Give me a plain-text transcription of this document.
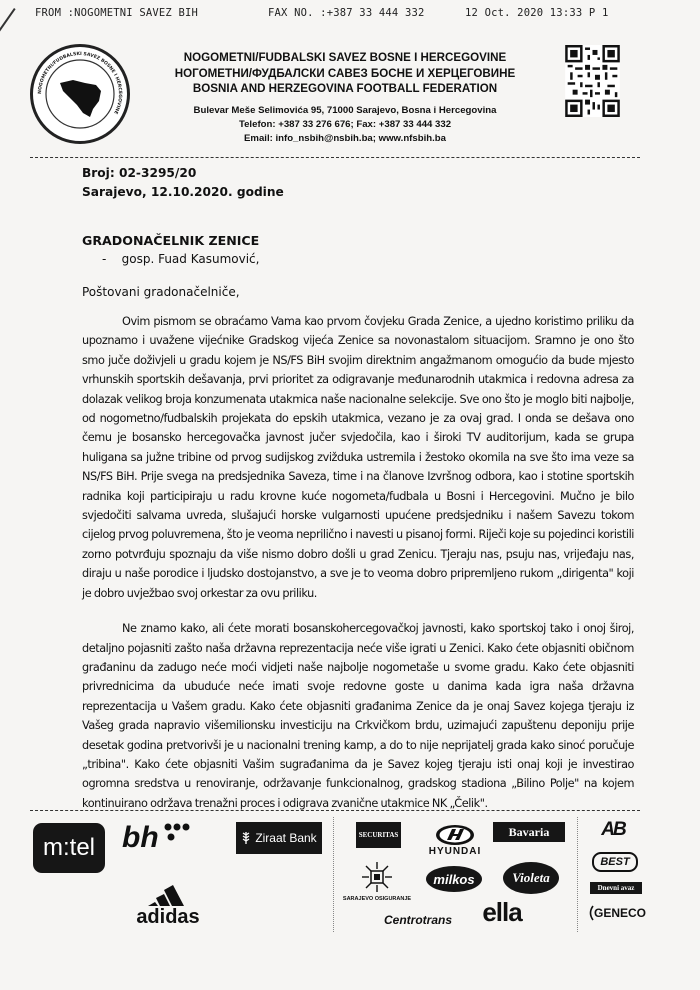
FROM :NOGOMETNI SAVEZ BIH	FAX NO. :+387 33 444 332	12 Oct. 2020 13:33 P 1
NOGOMETNI/FUDBALSKI SAVEZ BOSNE I HERCEGOVINE
NOGOMETNI/FUDBALSKI SAVEZ BOSNE I HERCEGOVINE
НОГОМЕТНИ/ФУДБАЛСКИ САВЕЗ БОСНЕ И ХЕРЦЕГОВИНЕ
BOSNIA AND HERZEGOVINA FOOTBALL FEDERATION
Bulevar Meše Selimovića 95, 71000 Sarajevo, Bosna i Hercegovina
Telefon: +387 33 276 676; Fax: +387 33 444 332
Email: info_nsbih@nsbih.ba; www.nfsbih.ba
Broj: 02-3295/20
Sarajevo, 12.10.2020. godine
GRADONAČELNIK ZENICE
- gosp. Fuad Kasumović,
Poštovani gradonačelniče,

Ovim pismom se obraćamo Vama kao prvom čovjeku Grada Zenice, a ujedno koristimo priliku da upoznamo i uvažene vijećnike Gradskog vijeća Zenice sa novonastalom situacijom. Sramno je ono što smo juče doživjeli u gradu kojem je NS/FS BiH svojim direktnim angažmanom omogućio da bude mjesto vrhunskih sportskih dešavanja, prvi prioritet za odigravanje međunarodnih utakmica i redovna adresa za dolazak velikog broja konzumenata utakmica naše nacionalne selekcije. Sve ono što je moglo biti najbolje, od nogometno/fudbalskih projekata do epskih utakmica, vezano je za ovaj grad. I onda se dešava ono čemu je bosansko hercegovačka javnost jučer svjedočila, kao i široki TV auditorijum, kada se grupa huligana sa južne tribine od prvog sudijskog zvižduka ustremila i žestoko okomila na sve što ima veze sa NS/FS BiH. Prije svega na predsjednika Saveza, time i na članove Izvršnog odbora, kao i stotine sportskih radnika koji participiraju u radu krovne kuće nogometa/fudbala u Bosni i Hercegovini. Mučno je bilo svjedočiti salvama uvreda, slušajući horske vulgarnosti upućene predsjedniku i našem Savezu tokom cijelog prvog poluvremena, što je veoma neprilično i navesti u pisanoj formi. Riječi koje su pojedinci koristili zorno potvrđuju spoznaju da više nismo dobro došli u grad Zenicu. Tjeraju nas, psuju nas, vrijeđaju nas, diraju u naše porodice i ljudsko dostojanstvo, a sve je to veoma dobro pripremljeno rukom „dirigenta" koji je dobro uvježbao svoj orkestar za ovu priliku.

Ne znamo kako, ali ćete morati bosanskohercegovačkoj javnosti, kako sportskoj tako i onoj široj, detaljno pojasniti zašto naša državna reprezentacija neće više igrati u Zenici. Kako ćete objasniti običnom građaninu da zadugo neće moći vidjeti naše najbolje nogometaše u svome gradu. Kako ćete objasniti privrednicima da ubuduće neće imati svoje redovne goste u danima kada igra naša državna reprezentacija u Vašem gradu. Kako ćete objasniti građanima Zenice da je onaj Savez kojega tjeraju iz Vašeg grada napravio višemilionsku investiciju na Crkvičkom brdu, uzimajući zapuštenu deponiju prije desetak godina pretvorivši je u nacionalni trening kamp, a do to nije neprijatelj grada kako sinoć poručuje „tribina". Kako ćete objasniti Vašim sugrađanima da je Savez kojeg tjeraju isti onaj koji je investirao ogromna sredstva u renoviranje, održavanje funkcionalnog, gradskog stadiona „Bilino Polje" na kojem kontinuirano održava trenažni proces i odigrava zvanične utakmice NK „Čelik".

m:tel bh	Ziraat Bank
adidas
SECURITAS
HYUNDAI
Bavaria
SARAJEVO OSIGURANJE
milkos	Violeta
Centrotrans ella
AB
BEST
Dnevni avaz
GENECO
